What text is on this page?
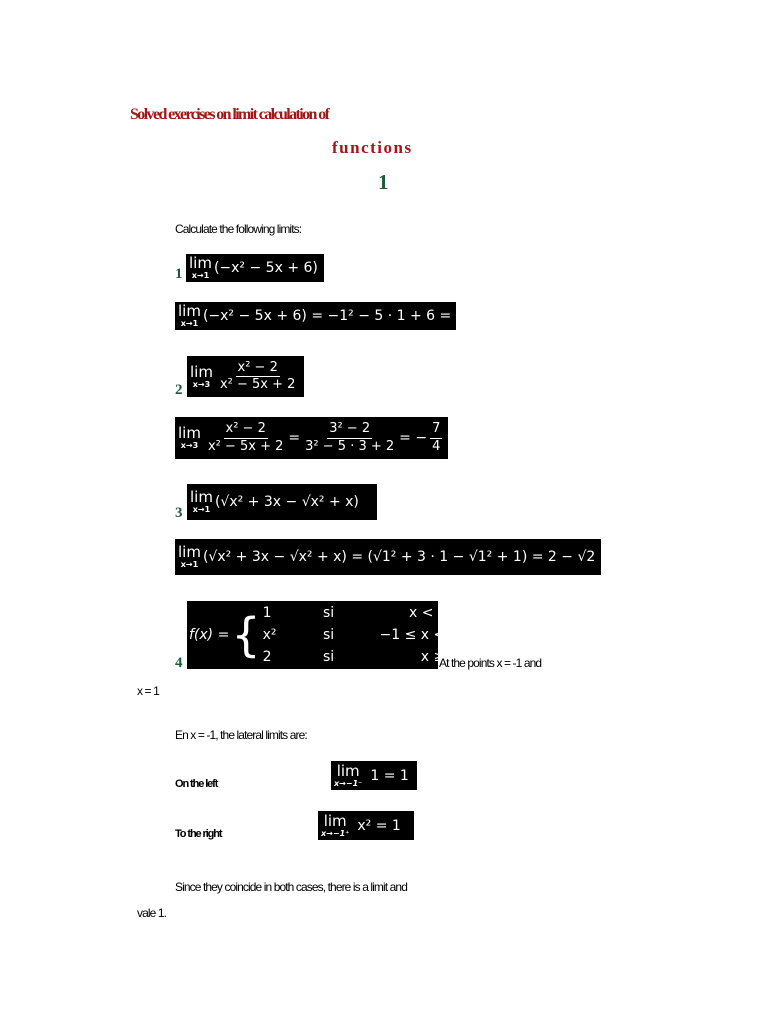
Solved exercises on limit calculation of
functions
1
Calculate the following limits:
1
lim
x→1 (−x² − 5x + 6)
lim
x→1 (−x² − 5x + 6) = −1² − 5 · 1 + 6 = 0
2
lim
$x\to 3 \frac{\text{x² − 2}}{\text{x² − 5x + 2}}$
lim
$x\to 3 \frac{\text{x² − 2}}{\text{x² − 5x + 2}} = \frac{\text{3² − 2}}{\text{3² − 5 · 3 + 2}}$ = − $\frac{7}{4}$
3
lim
x→1 (√x² + 3x − √x² + x)
lim
x→1 (√x² + 3x − √x² + x) = (√1² + 3 · 1 − √1² + 1) = 2 − √2
4
f(x) = { 1	si	x < −1
x²	si	−1 ≤ x < 1
2	si	x ≥ 1
At the points x = -1 and
x = 1
En x = -1, the lateral limits are:
On the left
lim
x→−1⁻ 1 = 1
To the right
lim
x→−1⁺ x² = 1
Since they coincide in both cases, there is a limit and
vale 1.
